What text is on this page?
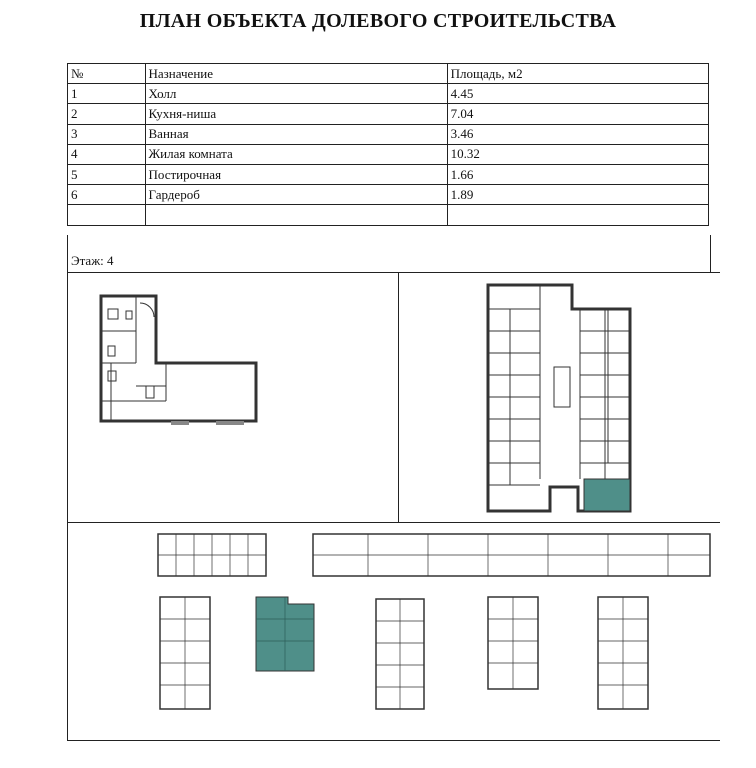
ПЛАН ОБЪЕКТА ДОЛЕВОГО СТРОИТЕЛЬСТВА
№	Назначение	Площадь, м2
1	Холл	4.45
2	Кухня-ниша	7.04
3	Ванная	3.46
4	Жилая комната	10.32
5	Постирочная	1.66
6	Гардероб	1.89

Этаж: 4
